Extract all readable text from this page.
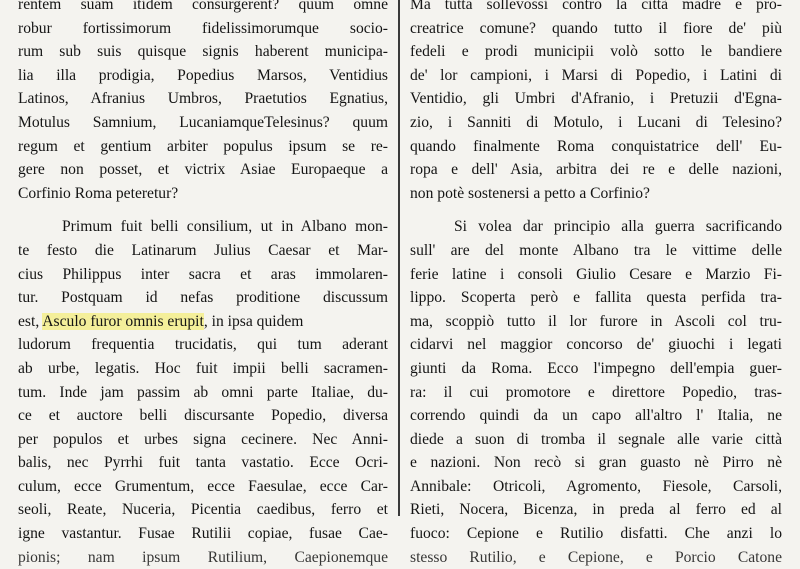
rentem suam itidem consurgerent? quum omne
robur fortissimorum fidelissimorumque socio-
rum sub suis quisque signis haberent municipa-
lia illa prodigia, Popedius Marsos, Ventidius
Latinos, Afranius Umbros, Praetutios Egnatius,
Motulus Samnium, LucaniamqueTelesinus? quum
regum et gentium arbiter populus ipsum se re-
gere non posset, et victrix Asiae Europaeque a
Corfinio Roma peteretur?
Primum fuit belli consilium, ut in Albano mon-
te festo die Latinarum Julius Caesar et Mar-
cius Philippus inter sacra et aras immolaren-
tur. Postquam id nefas proditione discussum
est, Asculo furor omnis erupit, in ipsa quidem
ludorum frequentia trucidatis, qui tum aderant
ab urbe, legatis. Hoc fuit impii belli sacramen-
tum. Inde jam passim ab omni parte Italiae, du-
ce et auctore belli discursante Popedio, diversa
per populos et urbes signa cecinere. Nec Anni-
balis, nec Pyrrhi fuit tanta vastatio. Ecce Ocri-
culum, ecce Grumentum, ecce Faesulae, ecce Car-
seoli, Reate, Nuceria, Picentia caedibus, ferro et
igne vastantur. Fusae Rutilii copiae, fusae Cae-
pionis; nam ipsum Rutilium, Caepionemque
Ma tutta sollevossi contro la città madre e pro-
creatrice comune? quando tutto il fiore de' più
fedeli e prodi municipii volò sotto le bandiere
de' lor campioni, i Marsi di Popedio, i Latini di
Ventidio, gli Umbri d'Afranio, i Pretuzii d'Egna-
zio, i Sanniti di Motulo, i Lucani di Telesino?
quando finalmente Roma conquistatrice dell' Eu-
ropa e dell' Asia, arbitra dei re e delle nazioni,
non potè sostenersi a petto a Corfinio?
Si volea dar principio alla guerra sacrificando
sull' are del monte Albano tra le vittime delle
ferie latine i consoli Giulio Cesare e Marzio Fi-
lippo. Scoperta però e fallita questa perfida tra-
ma, scoppiò tutto il lor furore in Ascoli col tru-
cidarvi nel maggior concorso de' giuochi i legati
giunti da Roma. Ecco l'impegno dell'empia guer-
ra: il cui promotore e direttore Popedio, tras-
correndo quindi da un capo all'altro l' Italia, ne
diede a suon di tromba il segnale alle varie città
e nazioni. Non recò si gran guasto nè Pirro nè
Annibale: Otricoli, Agromento, Fiesole, Carsoli,
Rieti, Nocera, Bicenza, in preda al ferro ed al
fuoco: Cepione e Rutilio disfatti. Che anzi lo
stesso Rutilio, e Cepione, e Porcio Catone
